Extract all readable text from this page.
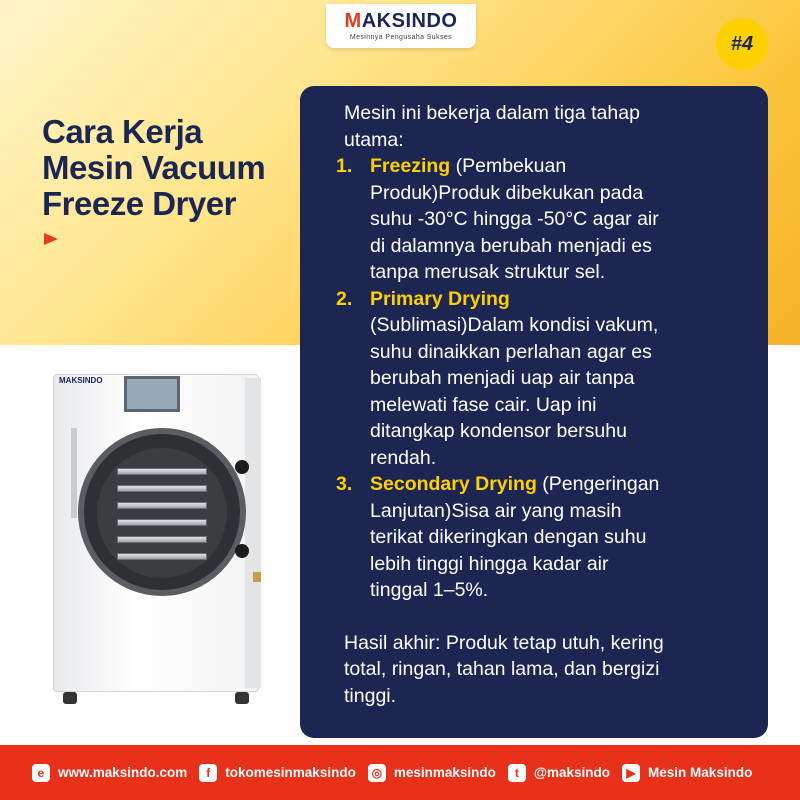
MAKSINDO
Mesinnya Pengusaha Sukses	#4
Cara Kerja
Mesin Vacuum
Freeze Dryer
MAKSINDO
Mesin ini bekerja dalam tiga tahap
utama:
1. Freezing (Pembekuan
Produk)Produk dibekukan pada
suhu -30°C hingga -50°C agar air
di dalamnya berubah menjadi es
tanpa merusak struktur sel.
2. Primary Drying
(Sublimasi)Dalam kondisi vakum,
suhu dinaikkan perlahan agar es
berubah menjadi uap air tanpa
melewati fase cair. Uap ini
ditangkap kondensor bersuhu
rendah.
3. Secondary Drying (Pengeringan
Lanjutan)Sisa air yang masih
terikat dikeringkan dengan suhu
lebih tinggi hingga kadar air
tinggal 1–5%.
Hasil akhir: Produk tetap utuh, kering
total, ringan, tahan lama, dan bergizi
tinggi.
e	www.maksindo.com	f	tokomesinmaksindo	◎ mesinmaksindo	t	@maksindo	▶ Mesin Maksindo
